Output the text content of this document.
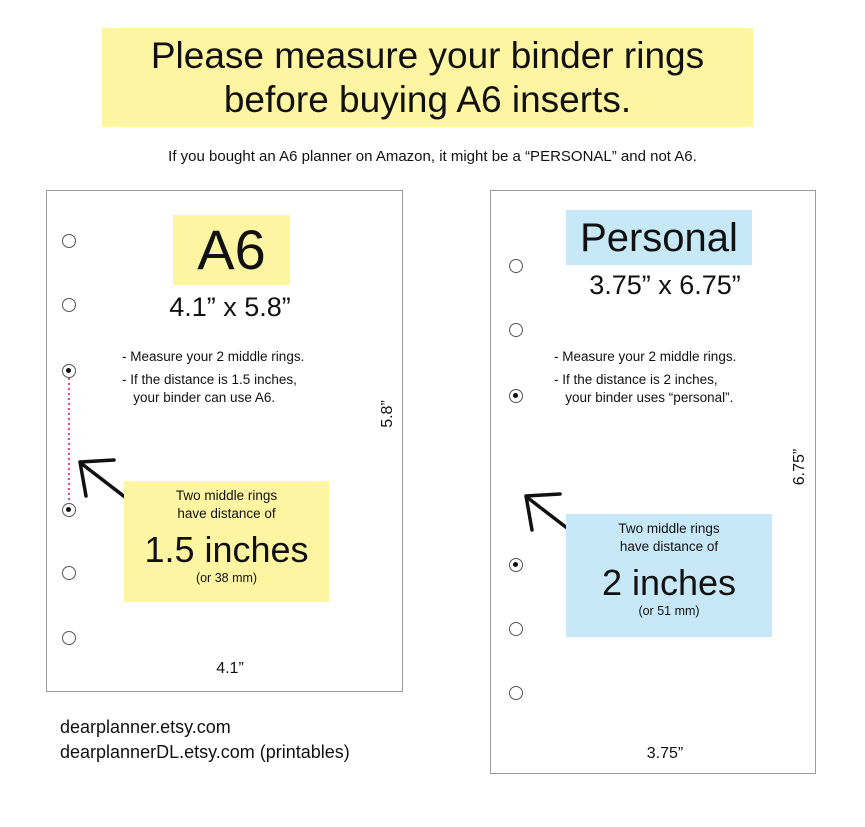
Please measure your binder rings
before buying A6 inserts.
If you bought an A6 planner on Amazon, it might be a “PERSONAL” and not A6.
A6
4.1” x 5.8”
- Measure your 2 middle rings.
- If the distance is 1.5 inches,
your binder can use A6.
5.8”
Two middle rings
have distance of
1.5 inches
(or 38 mm)
4.1”
Personal
3.75” x 6.75”
- Measure your 2 middle rings.
- If the distance is 2 inches,
your binder uses “personal”.
6.75”
Two middle rings
have distance of
2 inches
(or 51 mm)
3.75”
dearplanner.etsy.com
dearplannerDL.etsy.com (printables)
